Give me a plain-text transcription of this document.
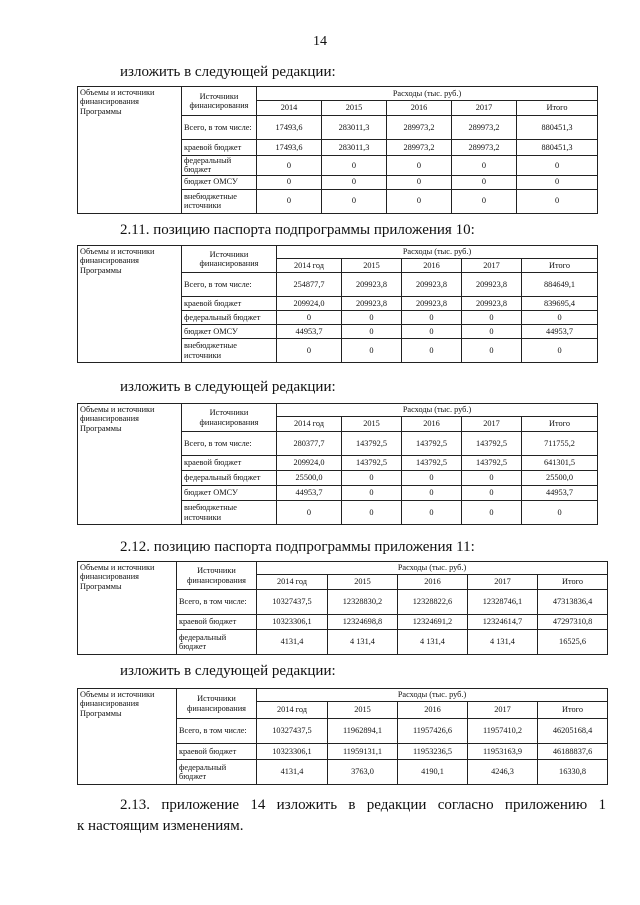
14
изложить в следующей редакции:
Объемы и источники финансирования Программы	Источники финансирования	Расходы (тыс. руб.)				
		2014	2015	2016	2017	Итого
	Всего, в том числе:	17493,6	283011,3	289973,2	289973,2	880451,3
	краевой бюджет	17493,6	283011,3	289973,2	289973,2	880451,3
	федеральный бюджет	0	0	0	0	0
	бюджет ОМСУ	0	0	0	0	0
	внебюджетные источники	0	0	0	0	0
2.11. позицию паспорта подпрограммы приложения 10:
Объемы и источники финансирования Программы	Источники финансирования	Расходы (тыс. руб.)				
		2014 год	2015	2016	2017	Итого
	Всего, в том числе:	254877,7	209923,8	209923,8	209923,8	884649,1
	краевой бюджет	209924,0	209923,8	209923,8	209923,8	839695,4
	федеральный бюджет	0	0	0	0	0
	бюджет ОМСУ	44953,7	0	0	0	44953,7
	внебюджетные источники	0	0	0	0	0
изложить в следующей редакции:
Объемы и источники финансирования Программы	Источники финансирования	Расходы (тыс. руб.)				
		2014 год	2015	2016	2017	Итого
	Всего, в том числе:	280377,7	143792,5	143792,5	143792,5	711755,2
	краевой бюджет	209924,0	143792,5	143792,5	143792,5	641301,5
	федеральный бюджет	25500,0	0	0	0	25500,0
	бюджет ОМСУ	44953,7	0	0	0	44953,7
	внебюджетные источники	0	0	0	0	0
2.12. позицию паспорта подпрограммы приложения 11:
Объемы и источники финансирования Программы	Источники финансирования	Расходы (тыс. руб.)				
		2014 год	2015	2016	2017	Итого
	Всего, в том числе:	10327437,5	12328830,2	12328822,6	12328746,1	47313836,4
	краевой бюджет	10323306,1	12324698,8	12324691,2	12324614,7	47297310,8
	федеральный бюджет	4131,4	4 131,4	4 131,4	4 131,4	16525,6
изложить в следующей редакции:
Объемы и источники финансирования Программы	Источники финансирования	Расходы (тыс. руб.)				
		2014 год	2015	2016	2017	Итого
	Всего, в том числе:	10327437,5	11962894,1	11957426,6	11957410,2	46205168,4
	краевой бюджет	10323306,1	11959131,1	11953236,5	11953163,9	46188837,6
	федеральный бюджет	4131,4	3763,0	4190,1	4246,3	16330,8
2.13. приложение 14 изложить в редакции согласно приложению 1
к настоящим изменениям.
